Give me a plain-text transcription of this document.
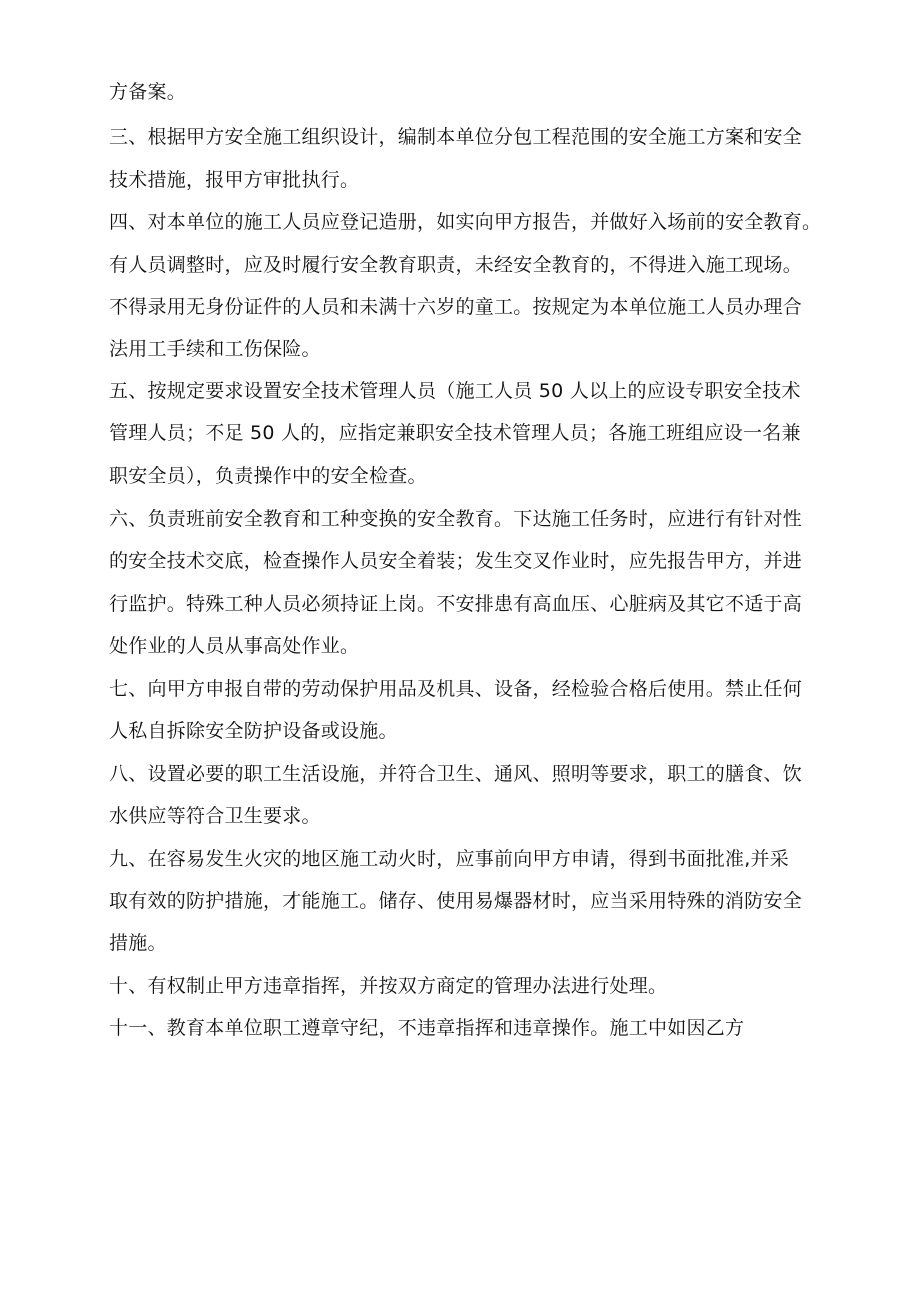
方备案。

三、根据甲方安全施工组织设计，编制本单位分包工程范围的安全施工方案和安全

技术措施，报甲方审批执行。

四、对本单位的施工人员应登记造册，如实向甲方报告，并做好入场前的安全教育。

有人员调整时，应及时履行安全教育职责，未经安全教育的，不得进入施工现场。

不得录用无身份证件的人员和未满十六岁的童工。按规定为本单位施工人员办理合

法用工手续和工伤保险。

五、按规定要求设置安全技术管理人员（施工人员 50 人以上的应设专职安全技术

管理人员；不足 50 人的，应指定兼职安全技术管理人员；各施工班组应设一名兼

职安全员），负责操作中的安全检查。

六、负责班前安全教育和工种变换的安全教育。下达施工任务时，应进行有针对性

的安全技术交底，检查操作人员安全着装；发生交叉作业时，应先报告甲方，并进

行监护。特殊工种人员必须持证上岗。不安排患有高血压、心脏病及其它不适于高

处作业的人员从事高处作业。

七、向甲方申报自带的劳动保护用品及机具、设备，经检验合格后使用。禁止任何

人私自拆除安全防护设备或设施。

八、设置必要的职工生活设施，并符合卫生、通风、照明等要求，职工的膳食、饮

水供应等符合卫生要求。

九、在容易发生火灾的地区施工动火时，应事前向甲方申请，得到书面批准,并采

取有效的防护措施，才能施工。储存、使用易爆器材时，应当采用特殊的消防安全

措施。

十、有权制止甲方违章指挥，并按双方商定的管理办法进行处理。

十一、教育本单位职工遵章守纪，不违章指挥和违章操作。施工中如因乙方
